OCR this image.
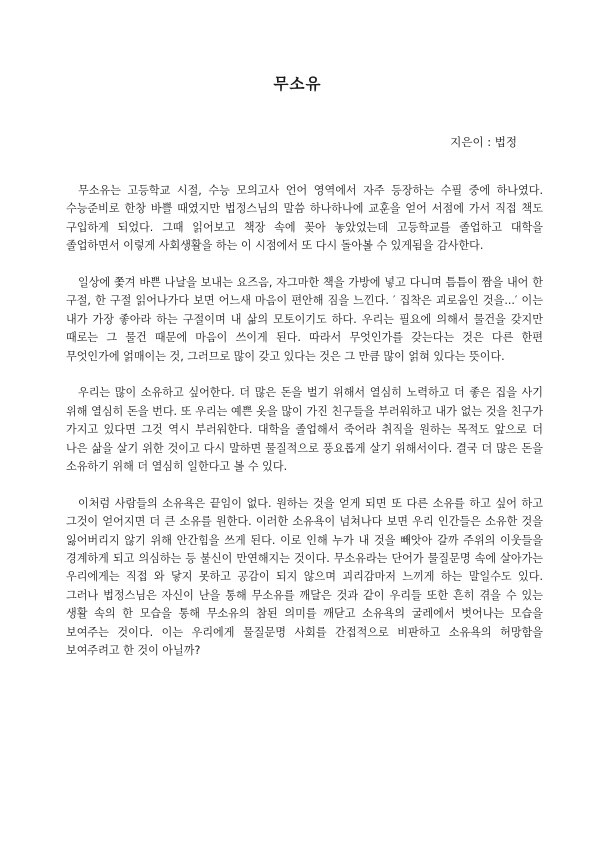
무소유
지은이 : 법정

무소유는 고등학교 시절, 수능 모의고사 언어 영역에서 자주 등장하는 수필 중에 하나였다. 수능준비로 한창 바쁠 때였지만 법정스님의 말씀 하나하나에 교훈을 얻어 서점에 가서 직접 책도 구입하게 되었다. 그때 읽어보고 책장 속에 꽂아 놓았었는데 고등학교를 졸업하고 대학을 졸업하면서 이렇게 사회생활을 하는 이 시점에서 또 다시 돌아볼 수 있게됨을 감사한다.

일상에 쫓겨 바쁜 나날을 보내는 요즈음, 자그마한 책을 가방에 넣고 다니며 틈틈이 짬을 내어 한 구절, 한 구절 읽어나가다 보면 어느새 마음이 편안해 짐을 느낀다. ′ 집착은 괴로움인 것을...′ 이는 내가 가장 좋아라 하는 구절이며 내 삶의 모토이기도 하다. 우리는 필요에 의해서 물건을 갖지만 때로는 그 물건 때문에 마음이 쓰이게 된다. 따라서 무엇인가를 갖는다는 것은 다른 한편 무엇인가에 얽매이는 것, 그러므로 많이 갖고 있다는 것은 그 만큼 많이 얽혀 있다는 뜻이다.

우리는 많이 소유하고 싶어한다. 더 많은 돈을 벌기 위해서 열심히 노력하고 더 좋은 집을 사기 위해 열심히 돈을 번다. 또 우리는 예쁜 옷을 많이 가진 친구들을 부러워하고 내가 없는 것을 친구가 가지고 있다면 그것 역시 부러워한다. 대학을 졸업해서 죽어라 취직을 원하는 목적도 앞으로 더 나은 삶을 살기 위한 것이고 다시 말하면 물질적으로 풍요롭게 살기 위해서이다. 결국 더 많은 돈을 소유하기 위해 더 열심히 일한다고 볼 수 있다.

이처럼 사람들의 소유욕은 끝임이 없다. 원하는 것을 얻게 되면 또 다른 소유를 하고 싶어 하고 그것이 얻어지면 더 큰 소유를 원한다. 이러한 소유욕이 넘쳐나다 보면 우리 인간들은 소유한 것을 잃어버리지 않기 위해 안간힘을 쓰게 된다. 이로 인해 누가 내 것을 빼앗아 갈까 주위의 이웃들을 경계하게 되고 의심하는 등 불신이 만연해지는 것이다. 무소유라는 단어가 물질문명 속에 살아가는 우리에게는 직접 와 닿지 못하고 공감이 되지 않으며 괴리감마저 느끼게 하는 말일수도 있다. 그러나 법정스님은 자신이 난을 통해 무소유를 깨달은 것과 같이 우리들 또한 흔히 겪을 수 있는 생활 속의 한 모습을 통해 무소유의 참된 의미를 깨닫고 소유욕의 굴레에서 벗어나는 모습을 보여주는 것이다. 이는 우리에게 물질문명 사회를 간접적으로 비판하고 소유욕의 허망함을 보여주려고 한 것이 아닐까?
